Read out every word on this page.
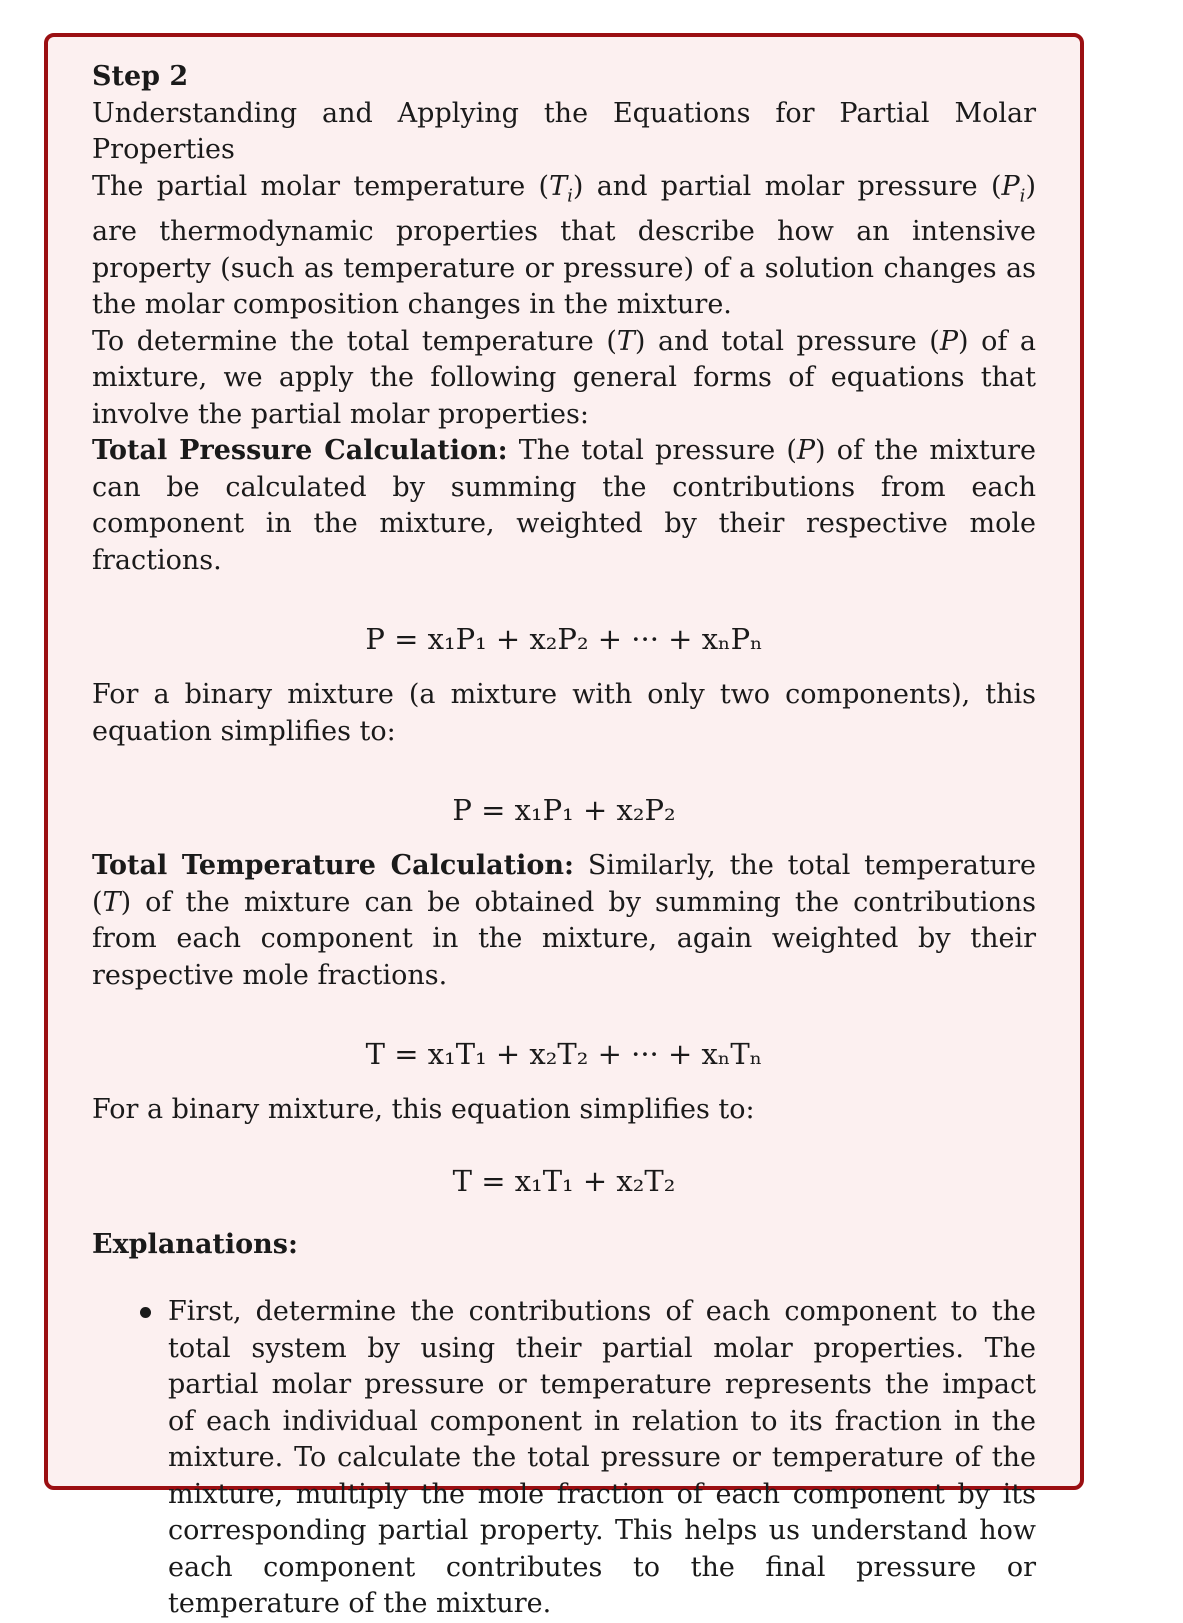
Step 2

Understanding and Applying the Equations for Partial Molar Properties

The partial molar temperature $(T_i)$ and partial molar pressure $(P_i)$ are thermodynamic properties that describe how an intensive property (such as temperature or pressure) of a solution changes as the molar composition changes in the mixture.

To determine the total temperature (T) and total pressure (P) of a mixture, we apply the following general forms of equations that involve the partial molar properties:

Total Pressure Calculation: The total pressure (P) of the mixture can be calculated by summing the contributions from each component in the mixture, weighted by their respective mole fractions.

P = x₁P₁ + x₂P₂ + ··· + xₙPₙ

For a binary mixture (a mixture with only two components), this equation simplifies to:

P = x₁P₁ + x₂P₂

Total Temperature Calculation: Similarly, the total temperature (T) of the mixture can be obtained by summing the contributions from each component in the mixture, again weighted by their respective mole fractions.

T = x₁T₁ + x₂T₂ + ··· + xₙTₙ

For a binary mixture, this equation simplifies to:

T = x₁T₁ + x₂T₂

Explanations:

First, determine the contributions of each component to the total system by using their partial molar properties. The partial molar pressure or temperature represents the impact of each individual component in relation to its fraction in the mixture. To calculate the total pressure or temperature of the mixture, multiply the mole fraction of each component by its corresponding partial property. This helps us understand how each component contributes to the final pressure or temperature of the mixture.
